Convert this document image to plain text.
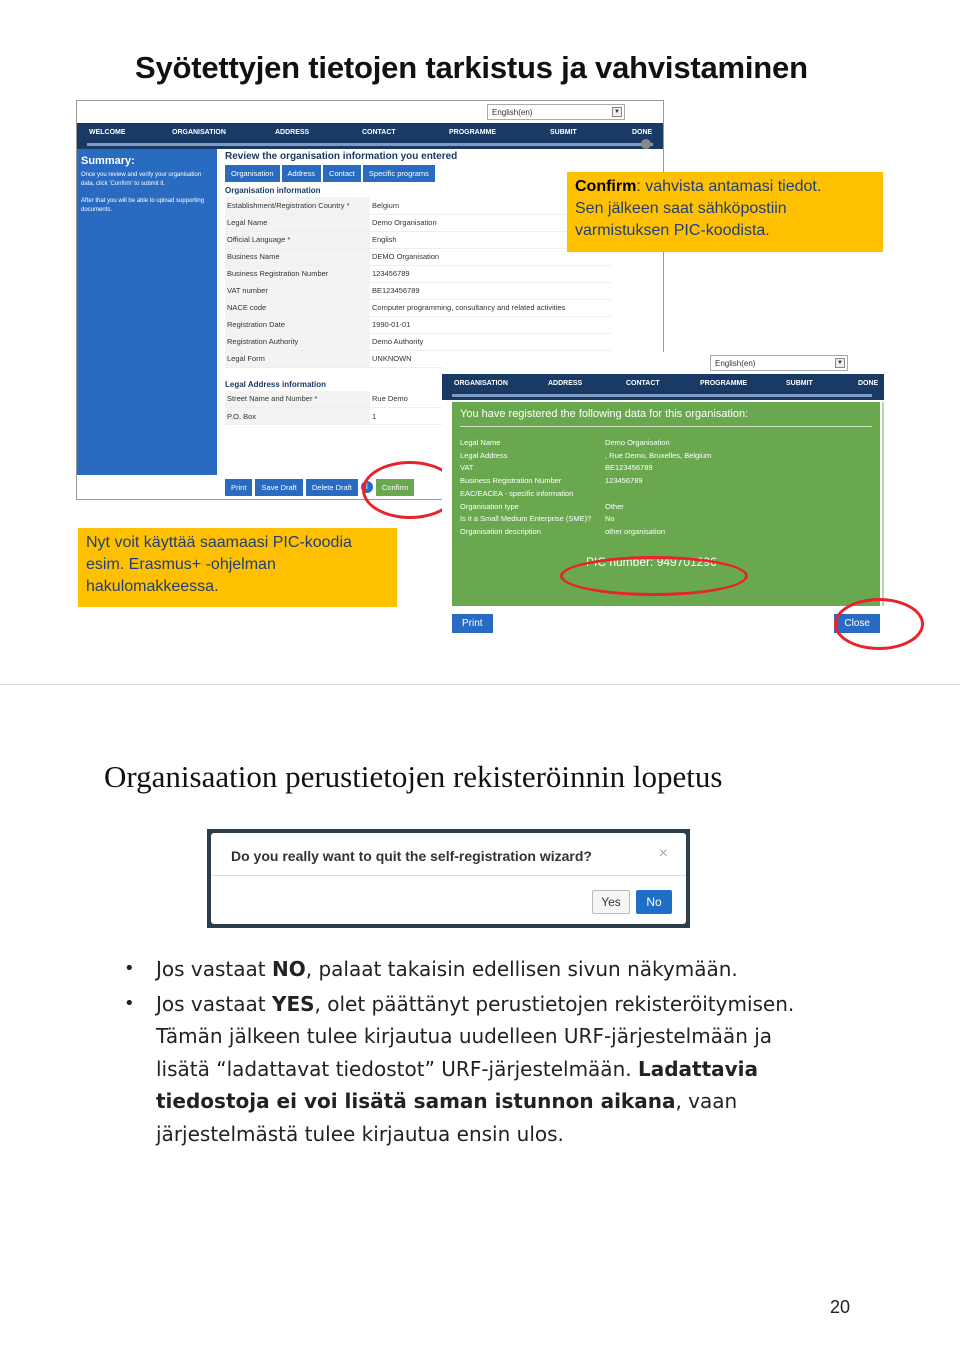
Syötettyjen tietojen tarkistus ja vahvistaminen
English(en)	▼
WELCOME	ORGANISATION	ADDRESS	CONTACT	PROGRAMME	SUBMIT	DONE
Summary:

Once you review and verify your organisation data, click 'Confirm' to submit it.

After that you will be able to upload supporting documents.

Review the organisation information you entered
Organisation	Address	Contact	Specific programs
Organisation information
Establishment/Registration Country *	Belgium
Legal Name	Demo Organisation
Official Language *	English
Business Name	DEMO Organisation
Business Registration Number	123456789
VAT number	BE123456789
NACE code	Computer programming, consultancy and related activities
Registration Date	1990-01-01
Registration Authority	Demo Authority
Legal Form	UNKNOWN
Legal Address information
Street Name and Number *	Rue Demo
P.O. Box	1
Print	Save Draft	Delete Draft	i	Confirm
Confirm: vahvista antamasi tiedot.
Sen jälkeen saat sähköpostiin
varmistuksen PIC-koodista.
English(en)	▼
ORGANISATION	ADDRESS	CONTACT	PROGRAMME	SUBMIT	DONE
You have registered the following data for this organisation:
Legal Name	Demo Organisation
Legal Address	, Rue Demo, Bruxelles, Belgium
VAT	BE123456789
Business Registration Number	123456789
EAC/EACEA - specific information
Organisation type	Other
Is it a Small Medium Enterprise (SME)?	No
Organisation description	other organisation
PIC number: 949701296
Print	Close
Nyt voit käyttää saamaasi PIC-koodia
esim. Erasmus+ -ohjelman
hakulomakkeessa.
Organisaation perustietojen rekisteröinnin lopetus
Do you really want to quit the self-registration wizard?	×
Yes	No
• Jos vastaat NO, palaat takaisin edellisen sivun näkymään.
• Jos vastaat YES, olet päättänyt perustietojen rekisteröitymisen. Tämän jälkeen tulee kirjautua uudelleen URF-järjestelmään ja lisätä “ladattavat tiedostot” URF-järjestelmään. Ladattavia tiedostoja ei voi lisätä saman istunnon aikana, vaan järjestelmästä tulee kirjautua ensin ulos.
20
